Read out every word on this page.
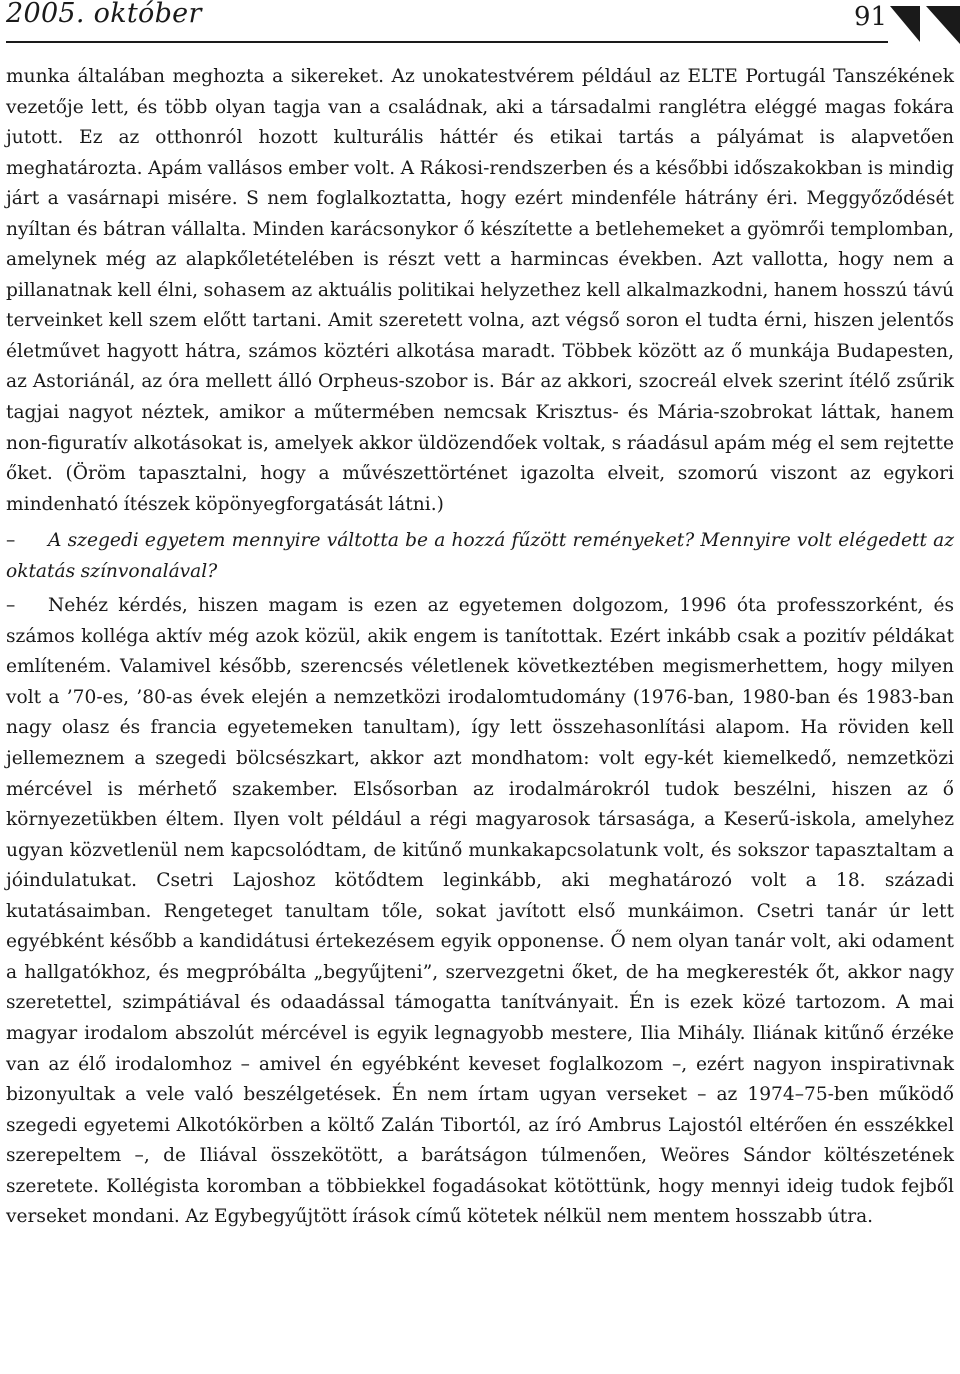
2005. október	91

munka általában meghozta a sikereket. Az unokatestvérem például az ELTE Portugál Tanszékének vezetője lett, és több olyan tagja van a családnak, aki a társadalmi ranglétra eléggé magas fokára jutott. Ez az otthonról hozott kulturális háttér és etikai tartás a pályámat is alapvetően meghatározta. Apám vallásos ember volt. A Rákosi-rendszerben és a későbbi időszakokban is mindig járt a vasárnapi misére. S nem foglalkoztatta, hogy ezért mindenféle hátrány éri. Meggyőződését nyíltan és bátran vállalta. Minden karácsonykor ő készítette a betlehemeket a gyömrői templomban, amelynek még az alapkőletételében is részt vett a harmincas években. Azt vallotta, hogy nem a pillanatnak kell élni, sohasem az aktuális politikai helyzethez kell alkalmazkodni, hanem hosszú távú terveinket kell szem előtt tartani. Amit szeretett volna, azt végső soron el tudta érni, hiszen jelentős életművet hagyott hátra, számos köztéri alkotása maradt. Többek között az ő munkája Budapesten, az Astoriánál, az óra mellett álló Orpheus-szobor is. Bár az akkori, szocreál elvek szerint ítélő zsűrik tagjai nagyot néztek, amikor a műtermében nemcsak Krisztus- és Mária-szobrokat láttak, hanem non-figuratív alkotásokat is, amelyek akkor üldözendőek voltak, s ráadásul apám még el sem rejtette őket. (Öröm tapasztalni, hogy a művészettörténet igazolta elveit, szomorú viszont az egykori mindenható ítészek köpönyegforgatását látni.)

– A szegedi egyetem mennyire váltotta be a hozzá fűzött reményeket? Mennyire volt elégedett az oktatás színvonalával?

– Nehéz kérdés, hiszen magam is ezen az egyetemen dolgozom, 1996 óta professzorként, és számos kolléga aktív még azok közül, akik engem is tanítottak. Ezért inkább csak a pozitív példákat említeném. Valamivel később, szerencsés véletlenek következtében megismerhettem, hogy milyen volt a ’70-es, ’80-as évek elején a nemzetközi irodalomtudomány (1976-ban, 1980-ban és 1983-ban nagy olasz és francia egyetemeken tanultam), így lett összehasonlítási alapom. Ha röviden kell jellemeznem a szegedi bölcsészkart, akkor azt mondhatom: volt egy-két kiemelkedő, nemzetközi mércével is mérhető szakember. Elsősorban az irodalmárokról tudok beszélni, hiszen az ő környezetükben éltem. Ilyen volt például a régi magyarosok társasága, a Keserű-iskola, amelyhez ugyan közvetlenül nem kapcsolódtam, de kitűnő munkakapcsolatunk volt, és sokszor tapasztaltam a jóindulatukat. Csetri Lajoshoz kötődtem leginkább, aki meghatározó volt a 18. századi kutatásaimban. Rengeteget tanultam tőle, sokat javított első munkáimon. Csetri tanár úr lett egyébként később a kandidátusi értekezésem egyik opponense. Ő nem olyan tanár volt, aki odament a hallgatókhoz, és megpróbálta „begyűjteni”, szervezgetni őket, de ha megkeresték őt, akkor nagy szeretettel, szimpátiával és odaadással támogatta tanítványait. Én is ezek közé tartozom. A mai magyar irodalom abszolút mércével is egyik legnagyobb mestere, Ilia Mihály. Iliának kitűnő érzéke van az élő irodalomhoz – amivel én egyébként keveset foglalkozom –, ezért nagyon inspirativnak bizonyultak a vele való beszélgetések. Én nem írtam ugyan verseket – az 1974–75-ben működő szegedi egyetemi Alkotókörben a költő Zalán Tibortól, az író Ambrus Lajostól eltérően én esszékkel szerepeltem –, de Iliával összekötött, a barátságon túlmenően, Weöres Sándor költészetének szeretete. Kollégista koromban a többiekkel fogadásokat kötöttünk, hogy mennyi ideig tudok fejből verseket mondani. Az Egybegyűjtött írások című kötetek nélkül nem mentem hosszabb útra.
